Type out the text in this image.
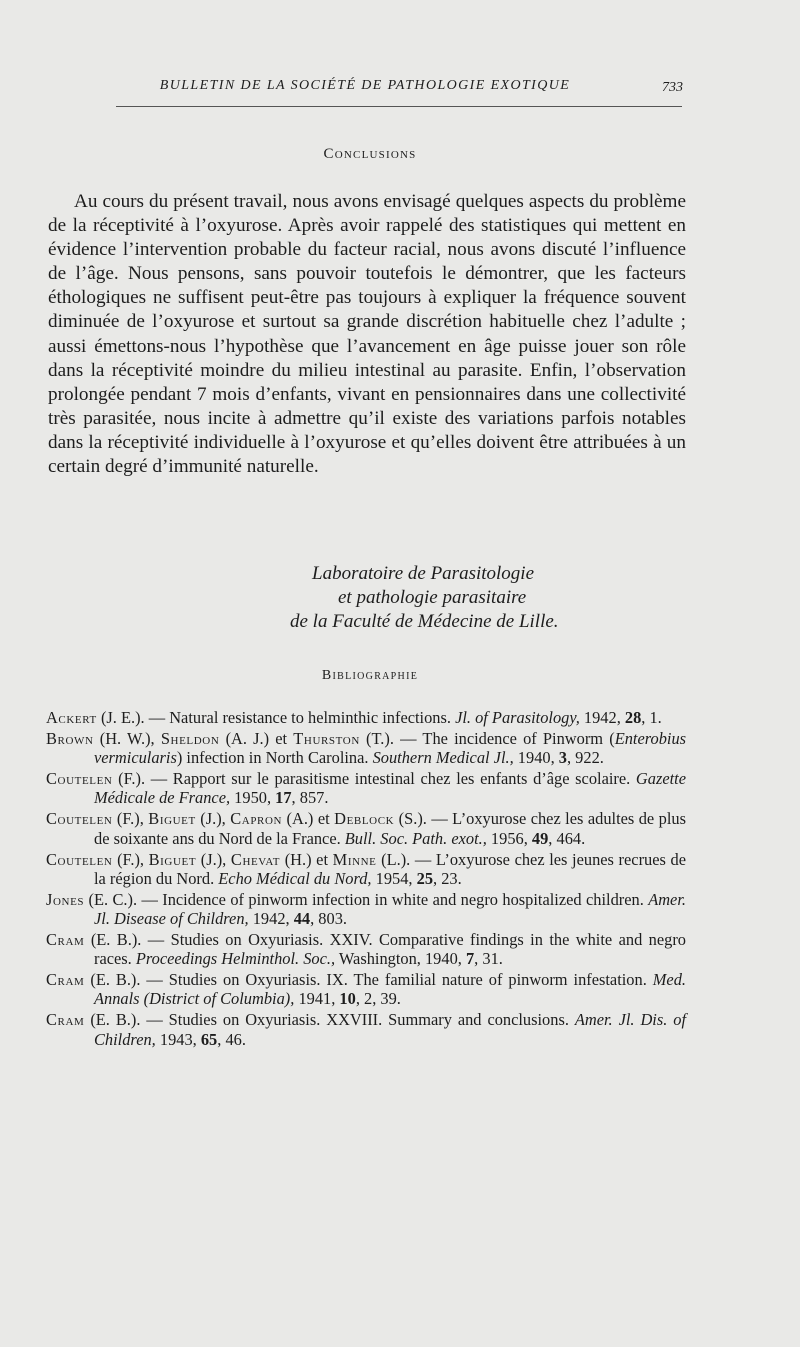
BULLETIN DE LA SOCIÉTÉ DE PATHOLOGIE EXOTIQUE	733
Conclusions

Au cours du présent travail, nous avons envisagé quelques aspects du problème de la réceptivité à l’oxyurose. Après avoir rappelé des statistiques qui mettent en évidence l’intervention probable du facteur racial, nous avons discuté l’influence de l’âge. Nous pensons, sans pouvoir toutefois le démontrer, que les facteurs éthologiques ne suffisent peut-être pas toujours à expliquer la fréquence souvent diminuée de l’oxyurose et surtout sa grande discrétion habituelle chez l’adulte ; aussi émettons-nous l’hypothèse que l’avancement en âge puisse jouer son rôle dans la réceptivité moindre du milieu intestinal au parasite. Enfin, l’observation prolongée pendant 7 mois d’enfants, vivant en pensionnaires dans une collectivité très parasitée, nous incite à admettre qu’il existe des variations parfois notables dans la réceptivité individuelle à l’oxyurose et qu’elles doivent être attribuées à un certain degré d’immunité naturelle.

Laboratoire de Parasitologie
et pathologie parasitaire
de la Faculté de Médecine de Lille.
Bibliographie

Ackert (J. E.). — Natural resistance to helminthic infections. Jl. of Parasitology, 1942, 28, 1.

Brown (H. W.), Sheldon (A. J.) et Thurston (T.). — The incidence of Pinworm (Enterobius vermicularis) infection in North Carolina. Southern Medical Jl., 1940, 3, 922.

Coutelen (F.). — Rapport sur le parasitisme intestinal chez les enfants d’âge scolaire. Gazette Médicale de France, 1950, 17, 857.

Coutelen (F.), Biguet (J.), Capron (A.) et Deblock (S.). — L’oxyurose chez les adultes de plus de soixante ans du Nord de la France. Bull. Soc. Path. exot., 1956, 49, 464.

Coutelen (F.), Biguet (J.), Chevat (H.) et Minne (L.). — L’oxyurose chez les jeunes recrues de la région du Nord. Echo Médical du Nord, 1954, 25, 23.

Jones (E. C.). — Incidence of pinworm infection in white and negro hospitalized children. Amer. Jl. Disease of Children, 1942, 44, 803.

Cram (E. B.). — Studies on Oxyuriasis. XXIV. Comparative findings in the white and negro races. Proceedings Helminthol. Soc., Washington, 1940, 7, 31.

Cram (E. B.). — Studies on Oxyuriasis. IX. The familial nature of pinworm infestation. Med. Annals (District of Columbia), 1941, 10, 2, 39.

Cram (E. B.). — Studies on Oxyuriasis. XXVIII. Summary and conclusions. Amer. Jl. Dis. of Children, 1943, 65, 46.
